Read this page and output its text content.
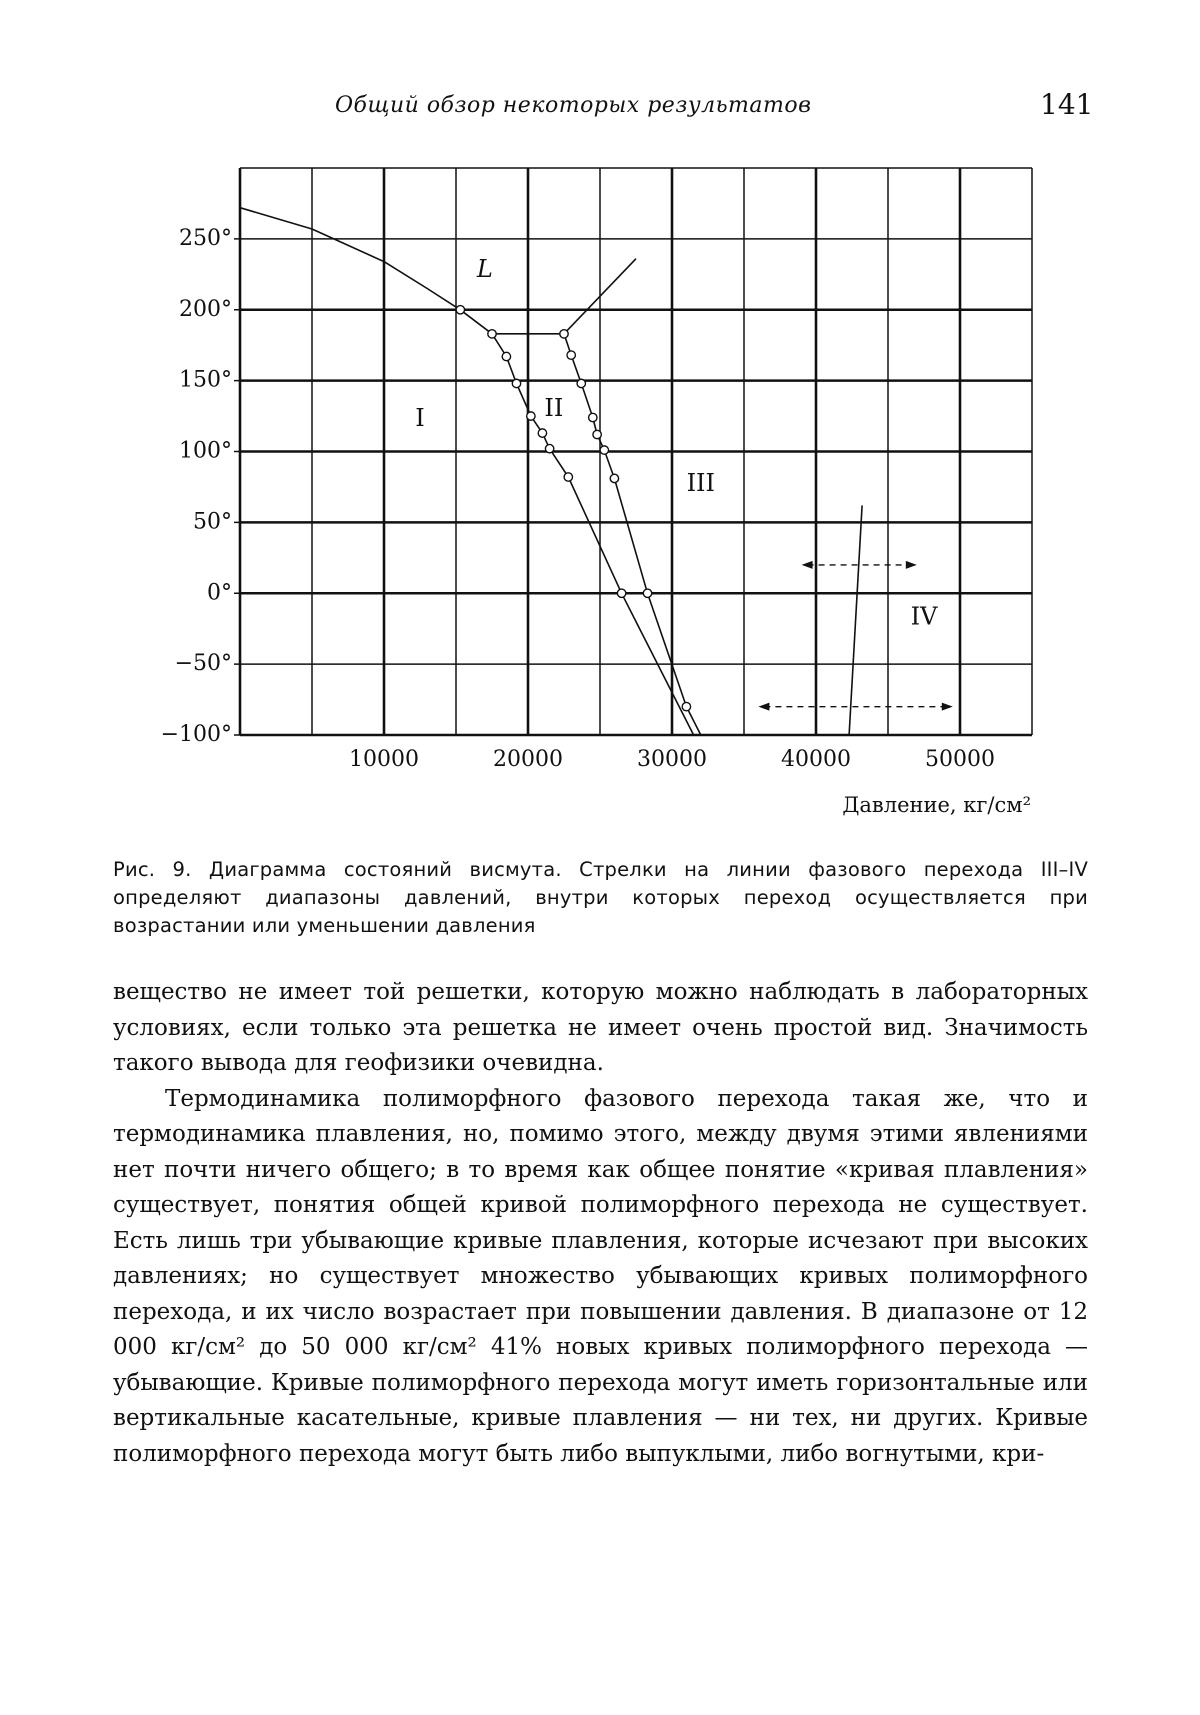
Общий обзор некоторых результатов	141
250°
200°
150°
100°
50°
0°
−50°
−100°
10000	20000	30000	40000	50000
Давление, кг/см²
L
I	II
III
IV
Рис. 9. Диаграмма состояний висмута. Стрелки на линии фазового перехода III–IV определяют диапазоны давлений, внутри которых переход осуществляется при возрастании или уменьшении давления

вещество не имеет той решетки, которую можно наблюдать в лабораторных условиях, если только эта решетка не имеет очень простой вид. Значимость такого вывода для геофизики очевидна.

Термодинамика полиморфного фазового перехода такая же, что и термодинамика плавления, но, помимо этого, между двумя этими явлениями нет почти ничего общего; в то время как общее понятие «кривая плавления» существует, понятия общей кривой полиморфного перехода не существует. Есть лишь три убывающие кривые плавления, которые исчезают при высоких давлениях; но существует множество убывающих кривых полиморфного перехода, и их число возрастает при повышении давления. В диапазоне от 12 000 кг/см² до 50 000 кг/см² 41% новых кривых полиморфного перехода — убывающие. Кривые полиморфного перехода могут иметь горизонтальные или вертикальные касательные, кривые плавления — ни тех, ни других. Кривые полиморфного перехода могут быть либо выпуклыми, либо вогнутыми, кри-
